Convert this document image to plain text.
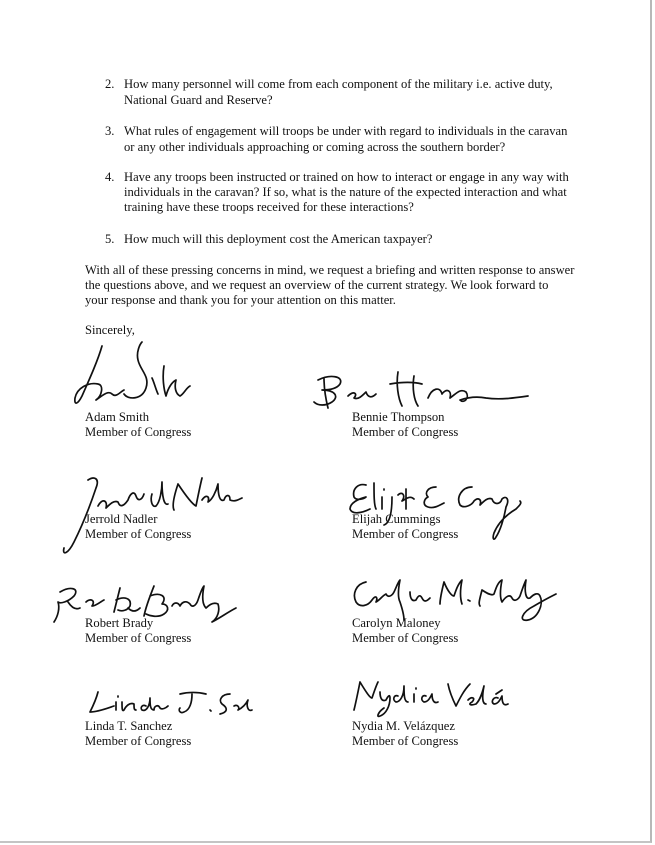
2. How many personnel will come from each component of the military i.e. active duty,
National Guard and Reserve?
3. What rules of engagement will troops be under with regard to individuals in the caravan
or any other individuals approaching or coming across the southern border?
4. Have any troops been instructed or trained on how to interact or engage in any way with
individuals in the caravan? If so, what is the nature of the expected interaction and what
training have these troops received for these interactions?
5. How much will this deployment cost the American taxpayer?
With all of these pressing concerns in mind, we request a briefing and written response to answer
the questions above, and we request an overview of the current strategy. We look forward to
your response and thank you for your attention on this matter.
Sincerely,
Adam Smith
Member of Congress
Bennie Thompson
Member of Congress
Jerrold Nadler
Member of Congress
Elijah Cummings
Member of Congress
Robert Brady
Member of Congress
Carolyn Maloney
Member of Congress
Linda T. Sanchez
Member of Congress
Nydia M. Velázquez
Member of Congress
